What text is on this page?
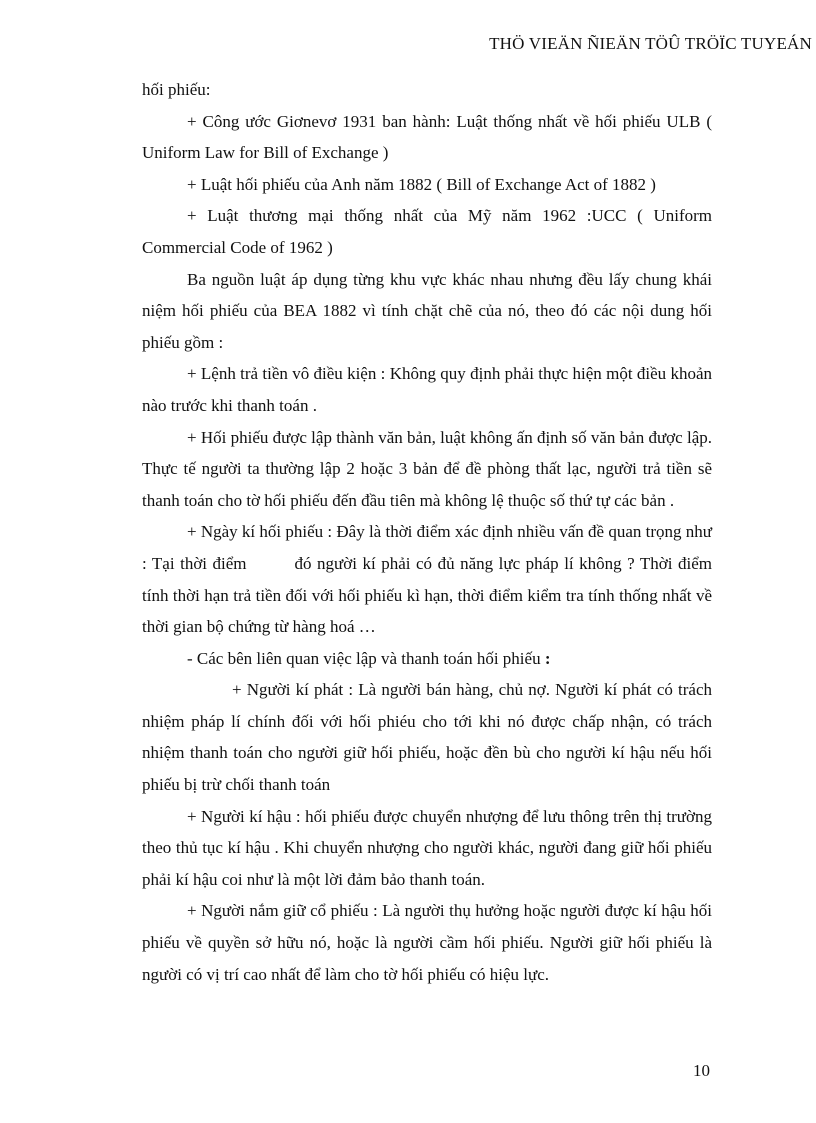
THÖ VIEÄN ÑIEÄN TÖÛ TRÖÏC TUYEÁN

hối phiếu:

+ Công ước Giơnevơ 1931 ban hành: Luật thống nhất về hối phiếu ULB ( Uniform Law for Bill of Exchange )

+ Luật hối phiếu của Anh năm 1882 ( Bill of Exchange Act of 1882 )

+ Luật thương mại thống nhất của Mỹ năm 1962 :UCC ( Uniform Commercial Code of 1962 )

Ba nguồn luật áp dụng từng khu vực khác nhau nhưng đều lấy chung khái niệm hối phiếu của BEA 1882 vì tính chặt chẽ của nó, theo đó các nội dung hối phiếu gồm :

+ Lệnh trả tiền vô điều kiện : Không quy định phải thực hiện một điều khoản nào trước khi thanh toán .

+ Hối phiếu được lập thành văn bản, luật không ấn định số văn bản được lập. Thực tế người ta thường lập 2 hoặc 3 bản để đề phòng thất lạc, người trả tiền sẽ thanh toán cho tờ hối phiếu đến đầu tiên mà không lệ thuộc số thứ tự các bản .

+ Ngày kí hối phiếu : Đây là thời điểm xác định nhiều vấn đề quan trọng như : Tại thời điểm	đó người kí phải có đủ năng lực pháp lí không ? Thời điểm tính thời hạn trả tiền đối với hối phiếu kì hạn, thời điểm kiểm tra tính thống nhất về thời gian bộ chứng từ hàng hoá …

- Các bên liên quan việc lập và thanh toán hối phiếu :

+ Người kí phát : Là người bán hàng, chủ nợ. Người kí phát có trách nhiệm pháp lí chính đối với hối phiéu cho tới khi nó được chấp nhận, có trách nhiệm thanh toán cho người giữ hối phiếu, hoặc đền bù cho người kí hậu nếu hối phiếu bị trừ chối thanh toán

+ Người kí hậu : hối phiếu được chuyển nhượng để lưu thông trên thị trường theo thủ tục kí hậu . Khi chuyển nhượng cho người khác, người đang giữ hối phiếu phải kí hậu coi như là một lời đảm bảo thanh toán.

+ Người nắm giữ cổ phiếu : Là người thụ hưởng hoặc người được kí hậu hối phiếu về quyền sở hữu nó, hoặc là người cầm hối phiếu. Người giữ hối phiếu là người có vị trí cao nhất để làm cho tờ hối phiếu có hiệu lực.

10
